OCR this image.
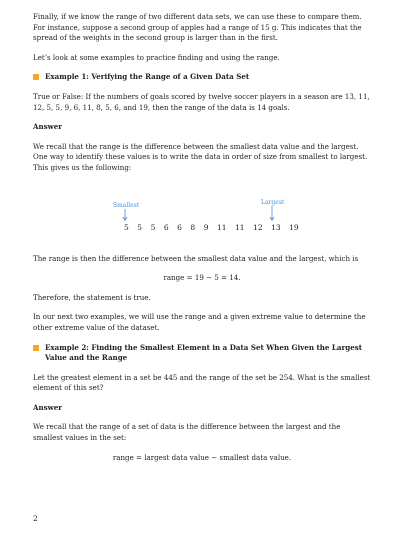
Finally, if we know the range of two different data sets, we can use these to compare them. For instance, suppose a second group of apples had a range of 15 g. This indicates that the spread of the weights in the second group is larger than in the first.

Let’s look at some examples to practice finding and using the range.

Example 1: Verifying the Range of a Given Data Set

True or False: If the numbers of goals scored by twelve soccer players in a season are 13, 11, 12, 5, 5, 9, 6, 11, 8, 5, 6, and 19, then the range of the data is 14 goals.

Answer

We recall that the range is the difference between the smallest data value and the largest. One way to identify these values is to write the data in order of size from smallest to largest. This gives us the following:

Smallest	Largest
5 5 5 6 6 8 9 11 11 12 13 19

The range is then the difference between the smallest data value and the largest, which is

range = 19 − 5 = 14.

Therefore, the statement is true.

In our next two examples, we will use the range and a given extreme value to determine the other extreme value of the dataset.

Example 2: Finding the Smallest Element in a Data Set When Given the Largest Value and the Range

Let the greatest element in a set be 445 and the range of the set be 254. What is the smallest element of this set?

Answer

We recall that the range of a set of data is the difference between the largest and the smallest values in the set:

range = largest data value − smallest data value.
2
